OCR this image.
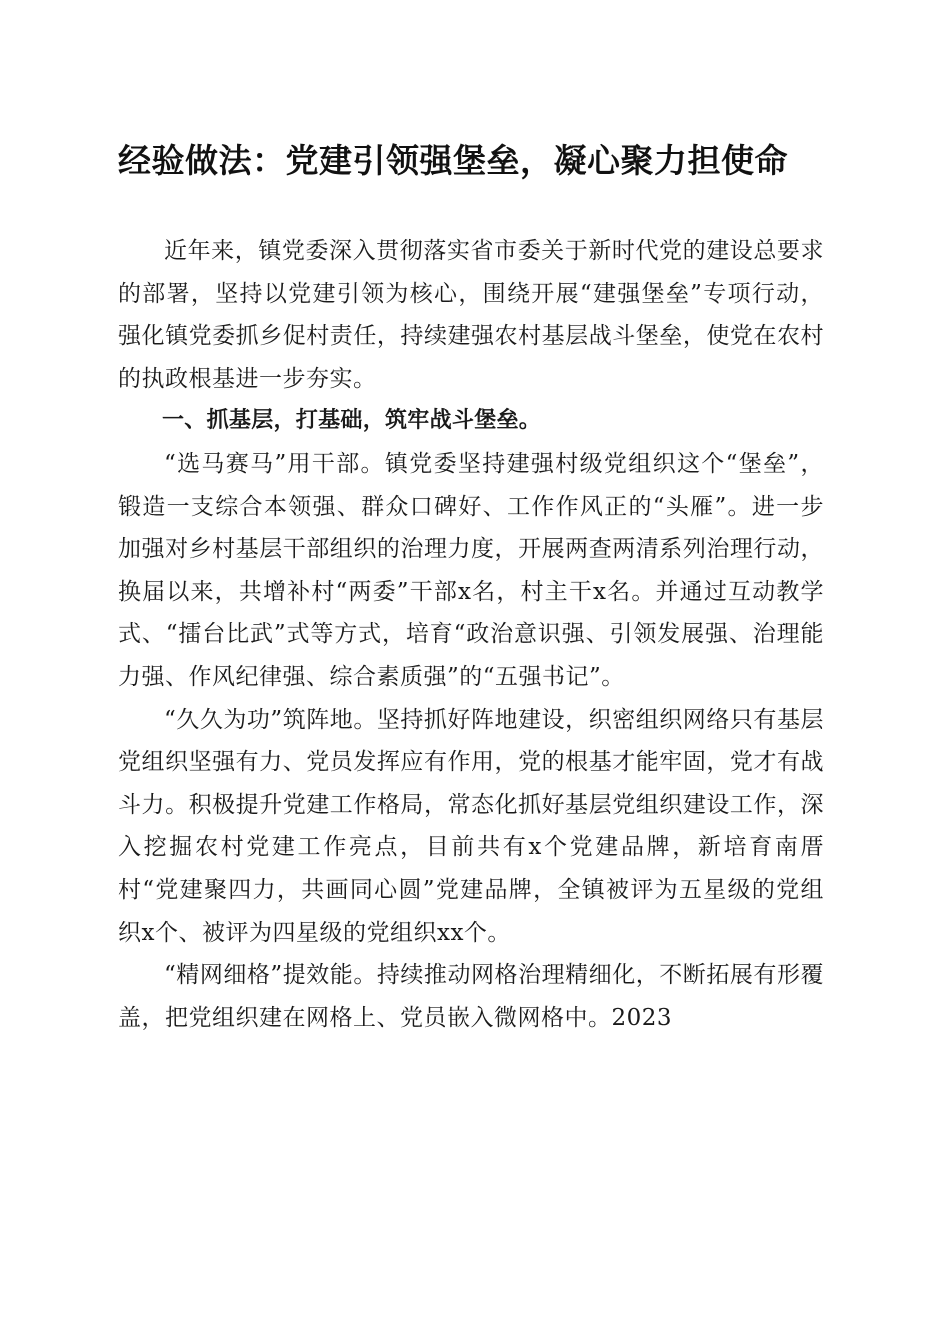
经验做法：党建引领强堡垒，凝心聚力担使命

近年来，镇党委深入贯彻落实省市委关于新时代党的建设总要求的部署，坚持以党建引领为核心，围绕开展“建强堡垒”专项行动，强化镇党委抓乡促村责任，持续建强农村基层战斗堡垒，使党在农村的执政根基进一步夯实。

一、抓基层，打基础，筑牢战斗堡垒。

“选马赛马”用干部。镇党委坚持建强村级党组织这个“堡垒”，锻造一支综合本领强、群众口碑好、工作作风正的“头雁”。进一步加强对乡村基层干部组织的治理力度，开展两查两清系列治理行动，换届以来，共增补村“两委”干部x名，村主干x名。并通过互动教学式、“擂台比武”式等方式，培育“政治意识强、引领发展强、治理能力强、作风纪律强、综合素质强”的“五强书记”。

“久久为功”筑阵地。坚持抓好阵地建设，织密组织网络只有基层党组织坚强有力、党员发挥应有作用，党的根基才能牢固，党才有战斗力。积极提升党建工作格局，常态化抓好基层党组织建设工作，深入挖掘农村党建工作亮点，目前共有x个党建品牌，新培育南厝村“党建聚四力，共画同心圆”党建品牌，全镇被评为五星级的党组织x个、被评为四星级的党组织xx个。

“精网细格”提效能。持续推动网格治理精细化，不断拓展有形覆盖，把党组织建在网格上、党员嵌入微网格中。2023
